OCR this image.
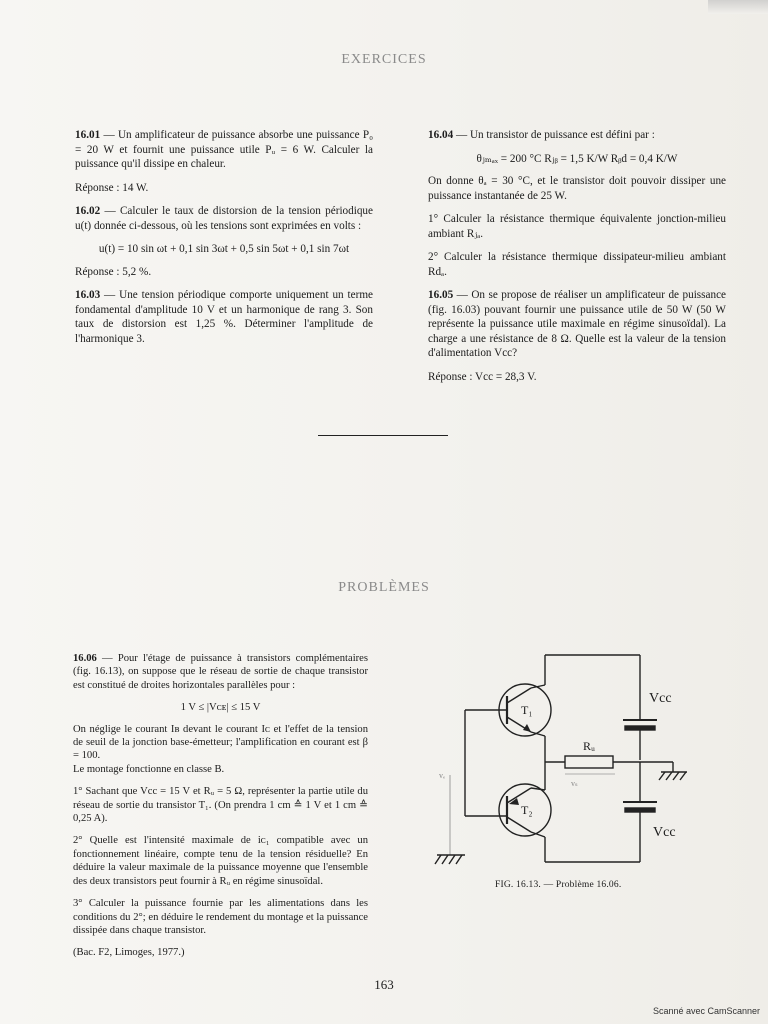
EXERCICES

16.01 — Un amplificateur de puissance absorbe une puissance P₀ = 20 W et fournit une puissance utile Pᵤ = 6 W. Calculer la puissance qu'il dissipe en chaleur.

Réponse : 14 W.

16.02 — Calculer le taux de distorsion de la tension périodique u(t) donnée ci-dessous, où les tensions sont exprimées en volts :

u(t) = 10 sin ωt + 0,1 sin 3ωt + 0,5 sin 5ωt + 0,1 sin 7ωt

Réponse : 5,2 %.

16.03 — Une tension périodique comporte uniquement un terme fondamental d'amplitude 10 V et un harmonique de rang 3. Son taux de distorsion est 1,25 %. Déterminer l'amplitude de l'harmonique 3.

16.04 — Un transistor de puissance est défini par :

θⱼₘₐₓ = 200 °C Rⱼᵦ = 1,5 K/W Rᵦd = 0,4 K/W

On donne θₐ = 30 °C, et le transistor doit pouvoir dissiper une puissance instantanée de 25 W.

1° Calculer la résistance thermique équivalente jonction-milieu ambiant Rⱼₐ.

2° Calculer la résistance thermique dissipateur-milieu ambiant Rdₐ.

16.05 — On se propose de réaliser un amplificateur de puissance (fig. 16.03) pouvant fournir une puissance utile de 50 W (50 W représente la puissance utile maximale en régime sinusoïdal). La charge a une résistance de 8 Ω. Quelle est la valeur de la tension d'alimentation Vcc?

Réponse : Vcc = 28,3 V.

PROBLÈMES

16.06 — Pour l'étage de puissance à transistors complémentaires (fig. 16.13), on suppose que le réseau de sortie de chaque transistor est constitué de droites horizontales parallèles pour :

1 V ≤ |Vᴄᴇ| ≤ 15 V

On néglige le courant Iʙ devant le courant Iᴄ et l'effet de la tension de seuil de la jonction base-émetteur; l'amplification en courant est β = 100.

Le montage fonctionne en classe B.

1° Sachant que Vcc = 15 V et Rᵤ = 5 Ω, représenter la partie utile du réseau de sortie du transistor T₁. (On prendra 1 cm ≙ 1 V et 1 cm ≙ 0,25 A).

2° Quelle est l'intensité maximale de iᴄ₁ compatible avec un fonctionnement linéaire, compte tenu de la tension résiduelle? En déduire la valeur maximale de la puissance moyenne que l'ensemble des deux transistors peut fournir à Rᵤ en régime sinusoïdal.

3° Calculer la puissance fournie par les alimentations dans les conditions du 2°; en déduire le rendement du montage et la puissance dissipée dans chaque transistor.

(Bac. F2, Limoges, 1977.)

Vcc
Vcc
T₁
T₂
Rᵤ
vₑ
vₛ
FIG. 16.13. — Problème 16.06.
163
Scanné avec CamScanner
